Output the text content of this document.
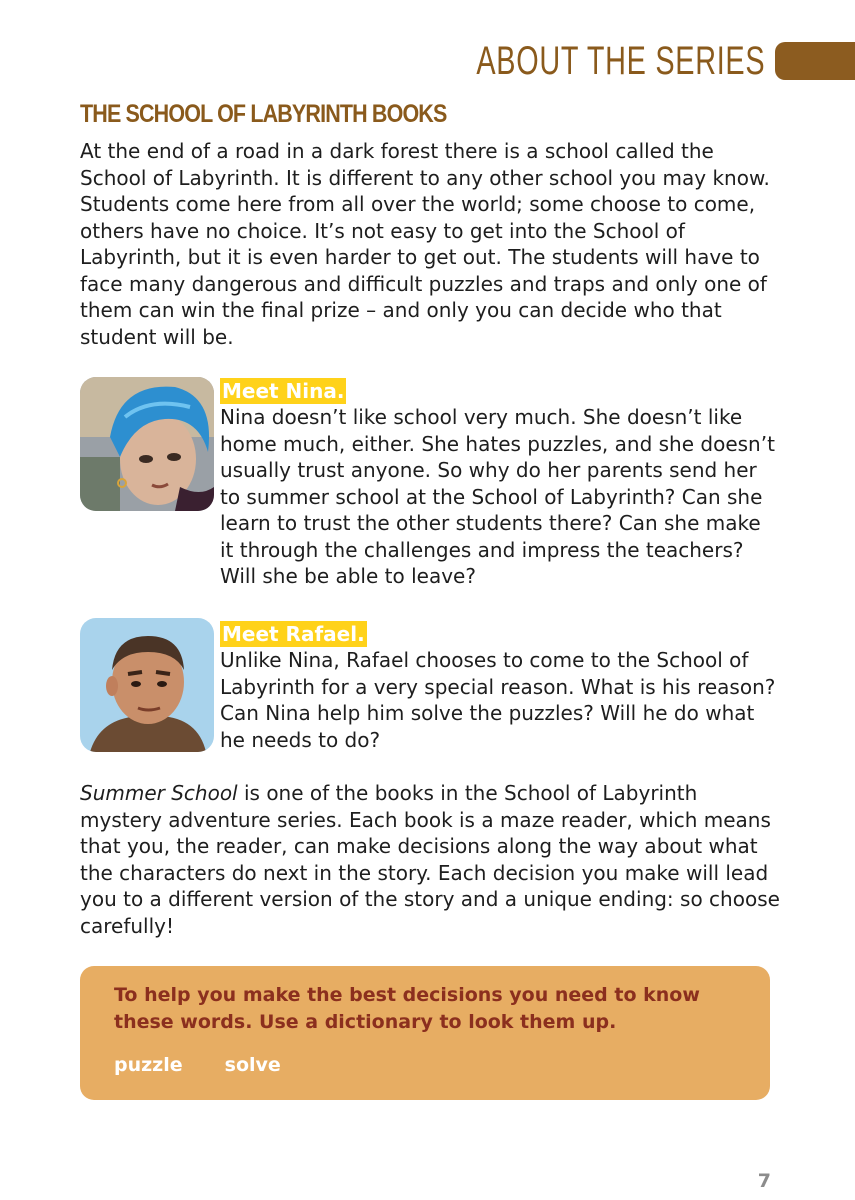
ABOUT THE SERIES
THE SCHOOL OF LABYRINTH BOOKS

At the end of a road in a dark forest there is a school called the School of Labyrinth. It is different to any other school you may know. Students come here from all over the world; some choose to come, others have no choice. It’s not easy to get into the School of Labyrinth, but it is even harder to get out. The students will have to face many dangerous and difficult puzzles and traps and only one of them can win the final prize – and only you can decide who that student will be.

Meet Nina.

Nina doesn’t like school very much. She doesn’t like home much, either. She hates puzzles, and she doesn’t usually trust anyone. So why do her parents send her to summer school at the School of Labyrinth? Can she learn to trust the other students there? Can she make it through the challenges and impress the teachers? Will she be able to leave?

Meet Rafael.

Unlike Nina, Rafael chooses to come to the School of Labyrinth for a very special reason. What is his reason? Can Nina help him solve the puzzles? Will he do what he needs to do?

Summer School is one of the books in the School of Labyrinth mystery adventure series. Each book is a maze reader, which means that you, the reader, can make decisions along the way about what the characters do next in the story. Each decision you make will lead you to a different version of the story and a unique ending: so choose carefully!

To help you make the best decisions you need to know these words. Use a dictionary to look them up.

puzzle solve
7
